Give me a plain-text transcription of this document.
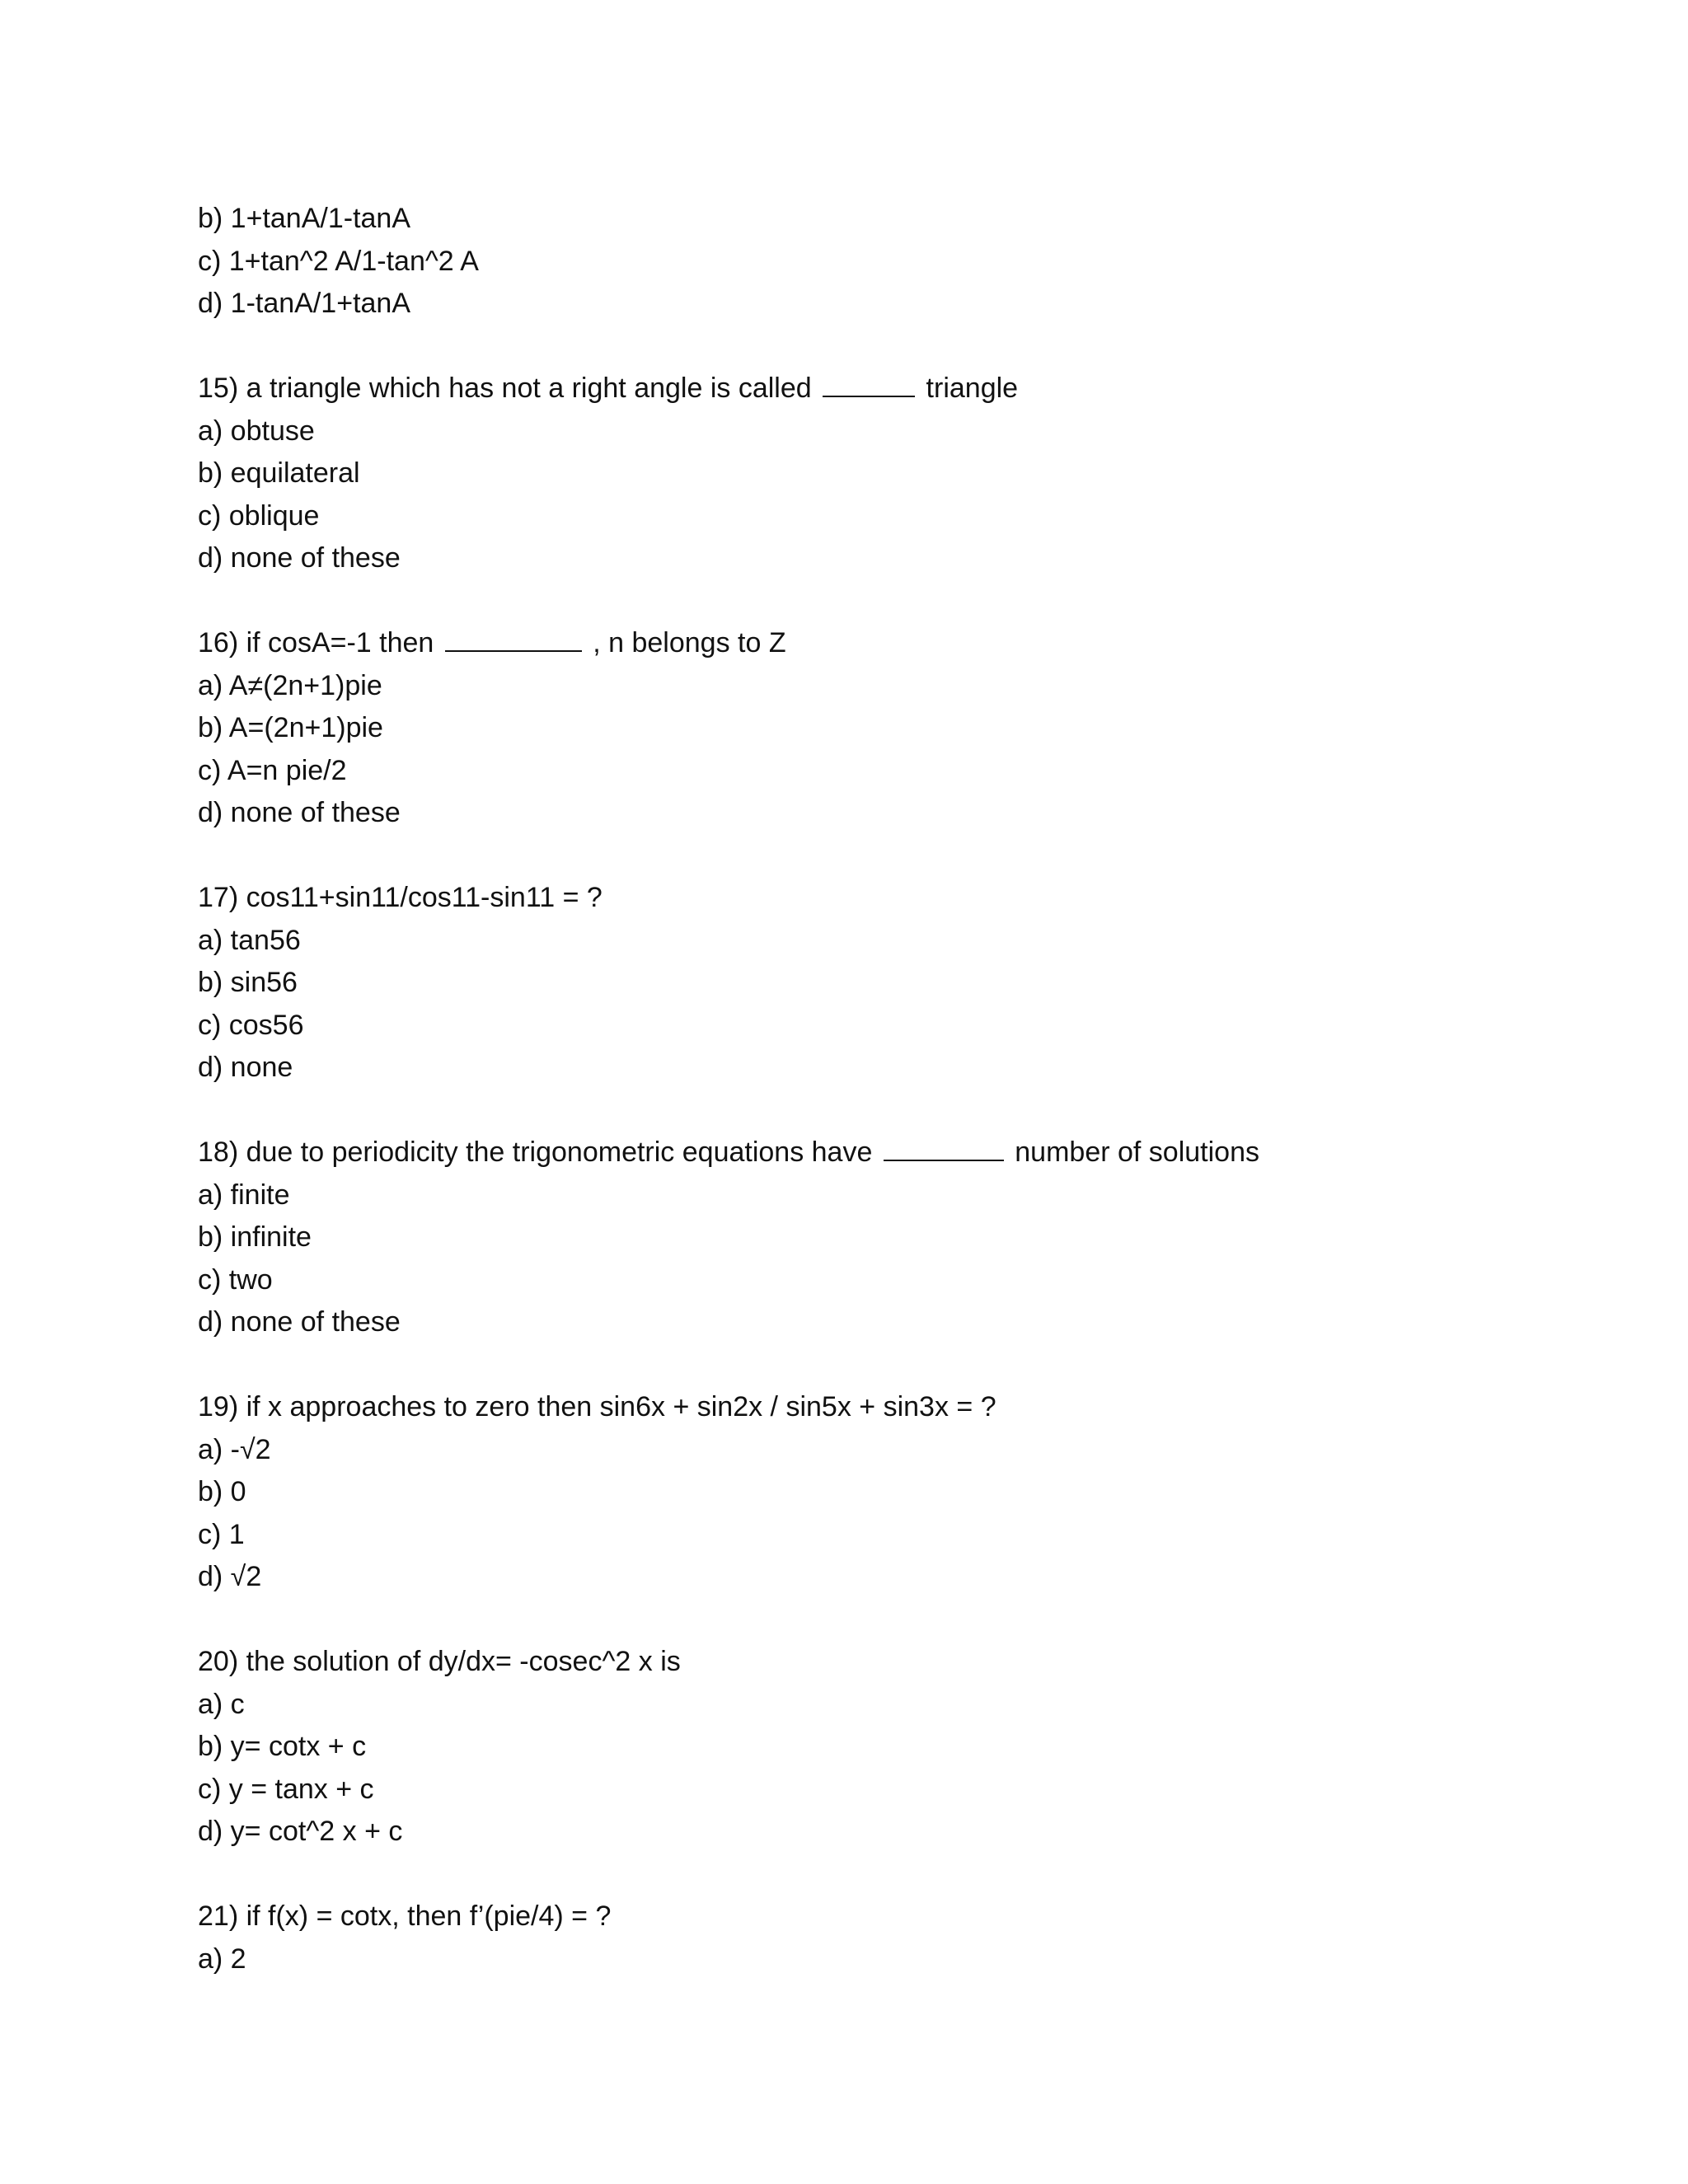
b) 1+tanA/1-tanA
c) 1+tan^2 A/1-tan^2 A
d) 1-tanA/1+tanA
15) a triangle which has not a right angle is called	triangle
a) obtuse
b) equilateral
c) oblique
d) none of these
16) if cosA=-1 then	, n belongs to Z
a) A≠(2n+1)pie
b) A=(2n+1)pie
c) A=n pie/2
d) none of these
17) cos11+sin11/cos11-sin11 = ?
a) tan56
b) sin56
c) cos56
d) none
18) due to periodicity the trigonometric equations have	number of solutions
a) finite
b) infinite
c) two
d) none of these
19) if x approaches to zero then sin6x + sin2x / sin5x + sin3x = ?
a) -√2
b) 0
c) 1
d) √2
20) the solution of dy/dx= -cosec^2 x is
a) c
b) y= cotx + c
c) y = tanx + c
d) y= cot^2 x + c
21) if f(x) = cotx, then f’(pie/4) = ?
a) 2
